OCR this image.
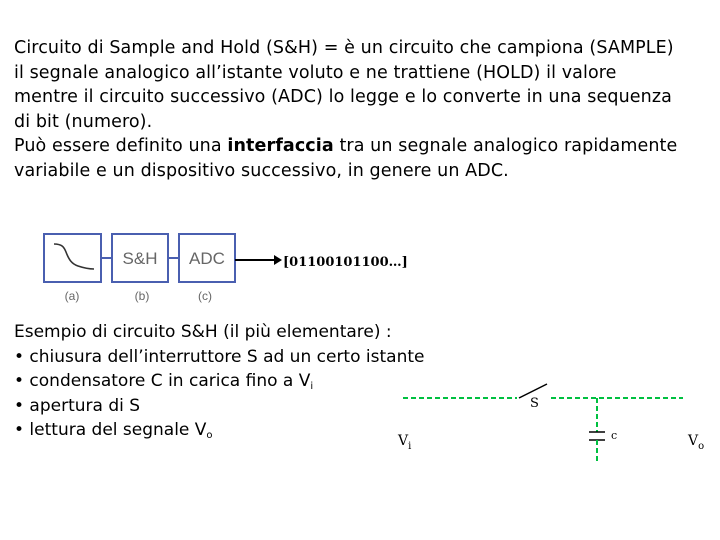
Circuito di Sample and Hold (S&H) = è un circuito che campiona (SAMPLE)

il segnale analogico all’istante voluto e ne trattiene (HOLD) il valore

mentre il circuito successivo (ADC) lo legge e lo converte in una sequenza

di bit (numero).

Può essere definito una interfaccia tra un segnale analogico rapidamente

variabile e un dispositivo successivo, in genere un ADC.

S&H ADC	[01100101100…]
(a)	(b)	(c)

Esempio di circuito S&H (il più elementare) :

• chiusura dell’interruttore S ad un certo istante

• condensatore C in carica fino a $V_i$

• apertura di S

• lettura del segnale $V_o$

S
c
$V_i$	$V_o$
